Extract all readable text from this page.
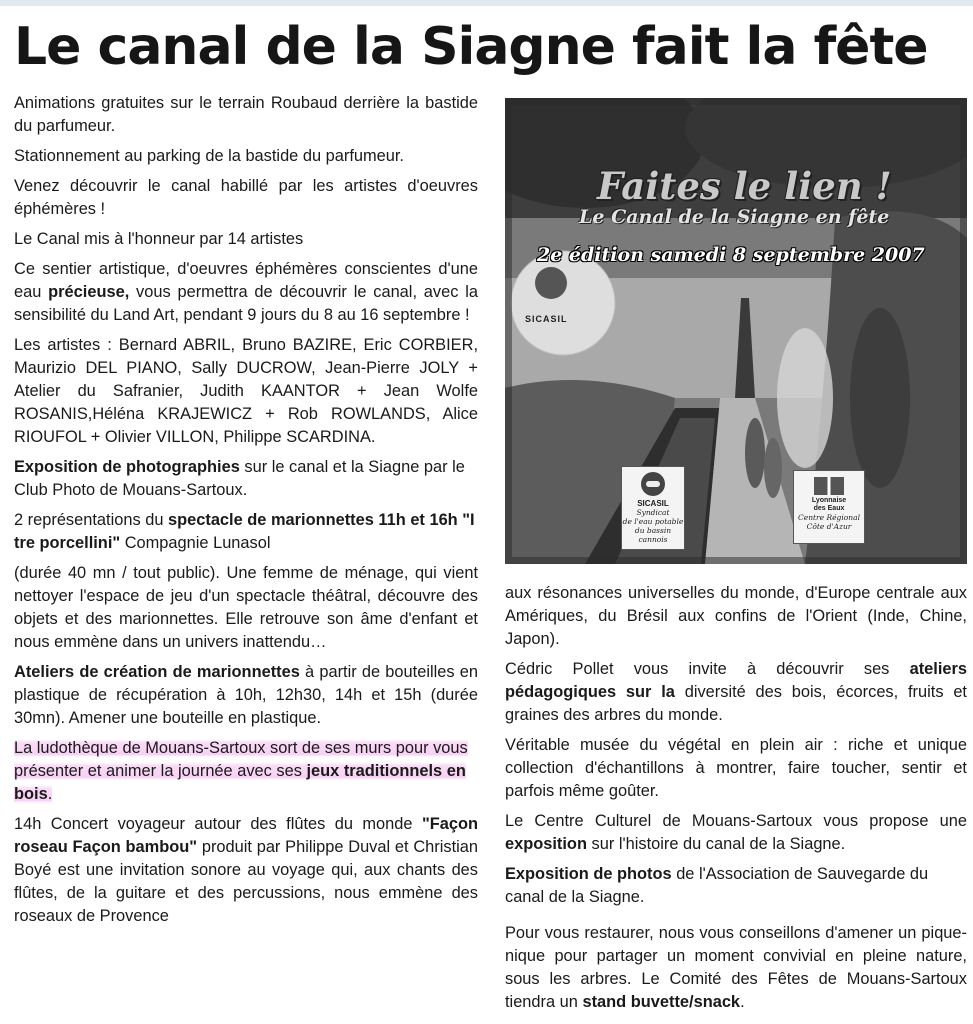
Le canal de la Siagne fait la fête

Animations gratuites sur le terrain Roubaud derrière la bastide du parfumeur.

Stationnement au parking de la bastide du parfumeur.

Venez découvrir le canal habillé par les artistes d'oeuvres éphémères !

Le Canal mis à l'honneur par 14 artistes

Ce sentier artistique, d'oeuvres éphémères conscientes d'une eau précieuse, vous permettra de découvrir le canal, avec la sensibilité du Land Art, pendant 9 jours du 8 au 16 septembre !

Les artistes : Bernard ABRIL, Bruno BAZIRE, Eric CORBIER, Maurizio DEL PIANO, Sally DUCROW, Jean-Pierre JOLY + Atelier du Safranier, Judith KAANTOR + Jean Wolfe ROSANIS,Héléna KRAJEWICZ + Rob ROWLANDS, Alice RIOUFOL + Olivier VILLON, Philippe SCARDINA.

Exposition de photographies sur le canal et la Siagne par le Club Photo de Mouans-Sartoux.

2 représentations du spectacle de marionnettes 11h et 16h "I tre porcellini" Compagnie Lunasol

(durée 40 mn / tout public). Une femme de ménage, qui vient nettoyer l'espace de jeu d'un spectacle théâtral, découvre des objets et des marionnettes. Elle retrouve son âme d'enfant et nous emmène dans un univers inattendu…

Ateliers de création de marionnettes à partir de bouteilles en plastique de récupération à 10h, 12h30, 14h et 15h (durée 30mn). Amener une bouteille en plastique.

La ludothèque de Mouans-Sartoux sort de ses murs pour vous présenter et animer la journée avec ses jeux traditionnels en bois.

14h Concert voyageur autour des flûtes du monde "Façon roseau Façon bambou" produit par Philippe Duval et Christian Boyé est une invitation sonore au voyage qui, aux chants des flûtes, de la guitare et des percussions, nous emmène des roseaux de Provence

Faites le lien !
Le Canal de la Siagne en fête
2e édition samedi 8 septembre 2007
SICASIL
SICASIL
Syndicat
de l'eau potable
du bassin cannois
Lyonnaise
des Eaux
Centre Régional
Côte d'Azur

aux résonances universelles du monde, d'Europe centrale aux Amériques, du Brésil aux confins de l'Orient (Inde, Chine, Japon).

Cédric Pollet vous invite à découvrir ses ateliers pédagogiques sur la diversité des bois, écorces, fruits et graines des arbres du monde.

Véritable musée du végétal en plein air : riche et unique collection d'échantillons à montrer, faire toucher, sentir et parfois même goûter.

Le Centre Culturel de Mouans-Sartoux vous propose une exposition sur l'histoire du canal de la Siagne.

Exposition de photos de l'Association de Sauvegarde du canal de la Siagne.

Pour vous restaurer, nous vous conseillons d'amener un pique-nique pour partager un moment convivial en pleine nature, sous les arbres. Le Comité des Fêtes de Mouans-Sartoux tiendra un stand buvette/snack.
